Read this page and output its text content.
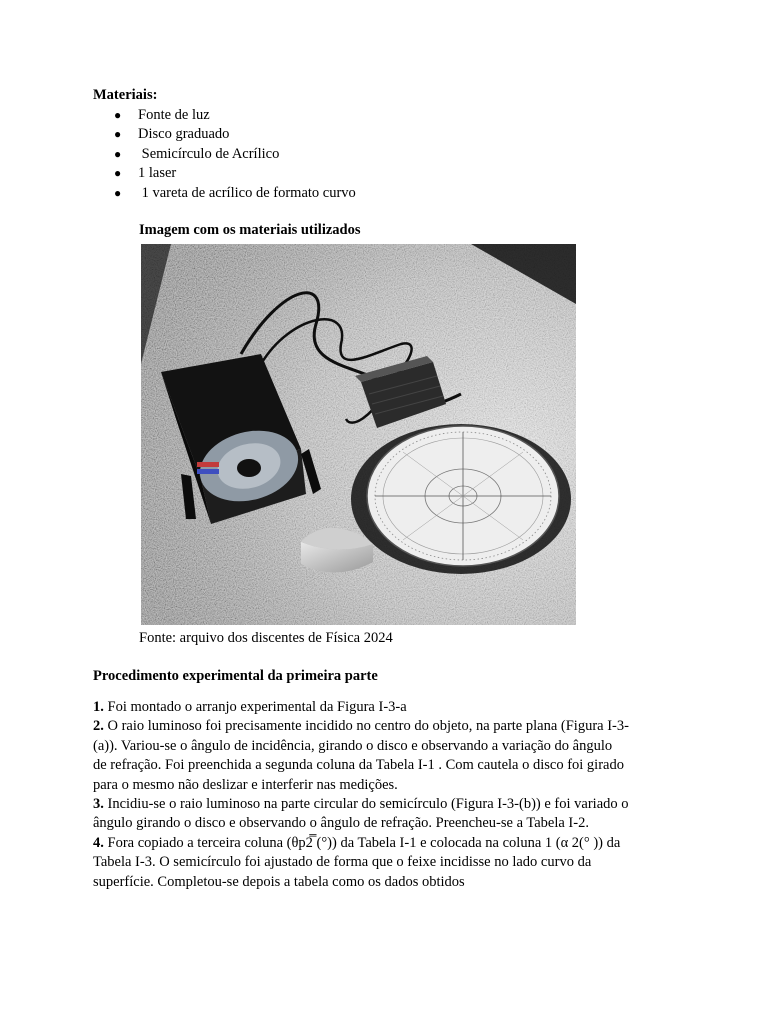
Materiais:
● Fonte de luz
● Disco graduado
● Semicírculo de Acrílico
● 1 laser
● 1 vareta de acrílico de formato curvo
Imagem com os materiais utilizados
Fonte: arquivo dos discentes de Física 2024
Procedimento experimental da primeira parte
1. Foi montado o arranjo experimental da Figura I-3-a
2. O raio luminoso foi precisamente incidido no centro do objeto, na parte plana (Figura I-3-
(a)). Variou-se o ângulo de incidência, girando o disco e observando a variação do ângulo
de refração. Foi preenchida a segunda coluna da Tabela I-1 . Com cautela o disco foi girado
para o mesmo não deslizar e interferir nas medições.
3. Incidiu-se o raio luminoso na parte circular do semicírculo (Figura I-3-(b)) e foi variado o
ângulo girando o disco e observando o ângulo de refração. Preencheu-se a Tabela I-2.
4. Fora copiado a terceira coluna (θp2̿ (°)) da Tabela I-1 e colocada na coluna 1 (α 2(° )) da
Tabela I-3. O semicírculo foi ajustado de forma que o feixe incidisse no lado curvo da
superfície. Completou-se depois a tabela como os dados obtidos
